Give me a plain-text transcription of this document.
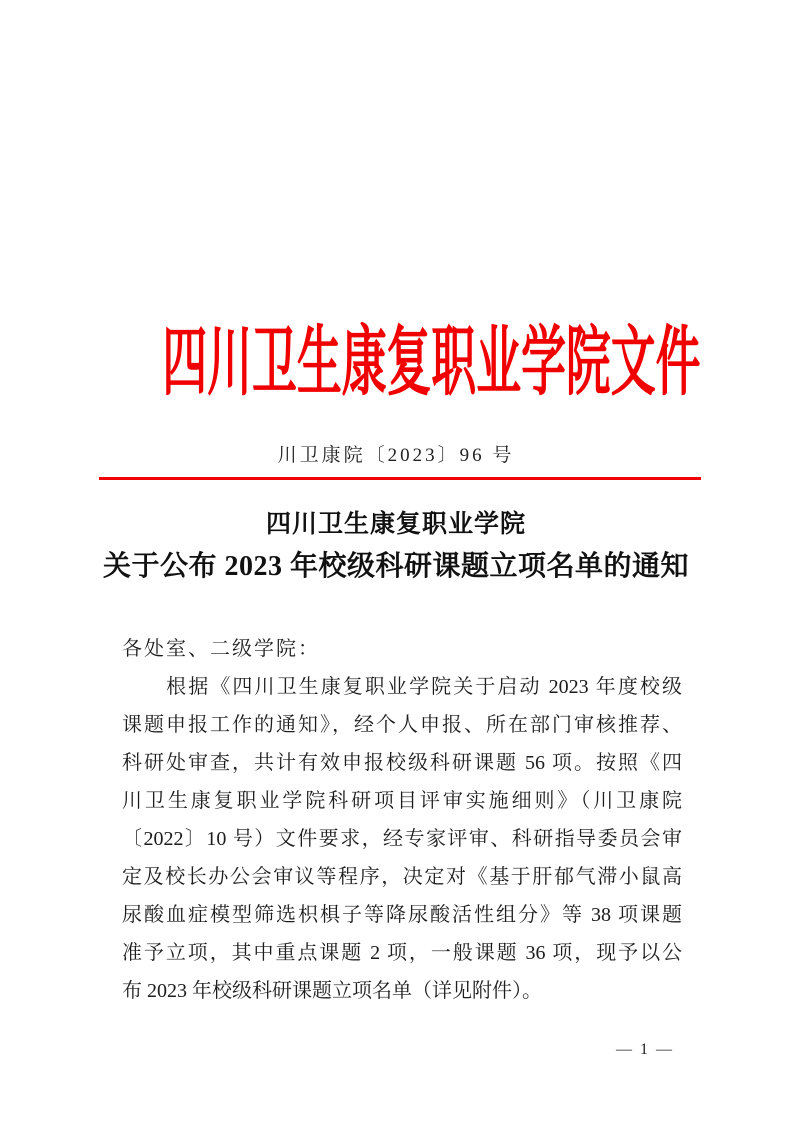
四川卫生康复职业学院文件
川卫康院〔2023〕96 号
四川卫生康复职业学院
关于公布 2023 年校级科研课题立项名单的通知
各处室、二级学院：
　　根据《四川卫生康复职业学院关于启动 2023 年度校级
课题申报工作的通知》，经个人申报、所在部门审核推荐、
科研处审查，共计有效申报校级科研课题 56 项。按照《四
川卫生康复职业学院科研项目评审实施细则》（川卫康院
〔2022〕10 号）文件要求，经专家评审、科研指导委员会审
定及校长办公会审议等程序，决定对《基于肝郁气滞小鼠高
尿酸血症模型筛选枳椇子等降尿酸活性组分》等 38 项课题
准予立项，其中重点课题 2 项，一般课题 36 项，现予以公
布 2023 年校级科研课题立项名单（详见附件）。
— 1 —
